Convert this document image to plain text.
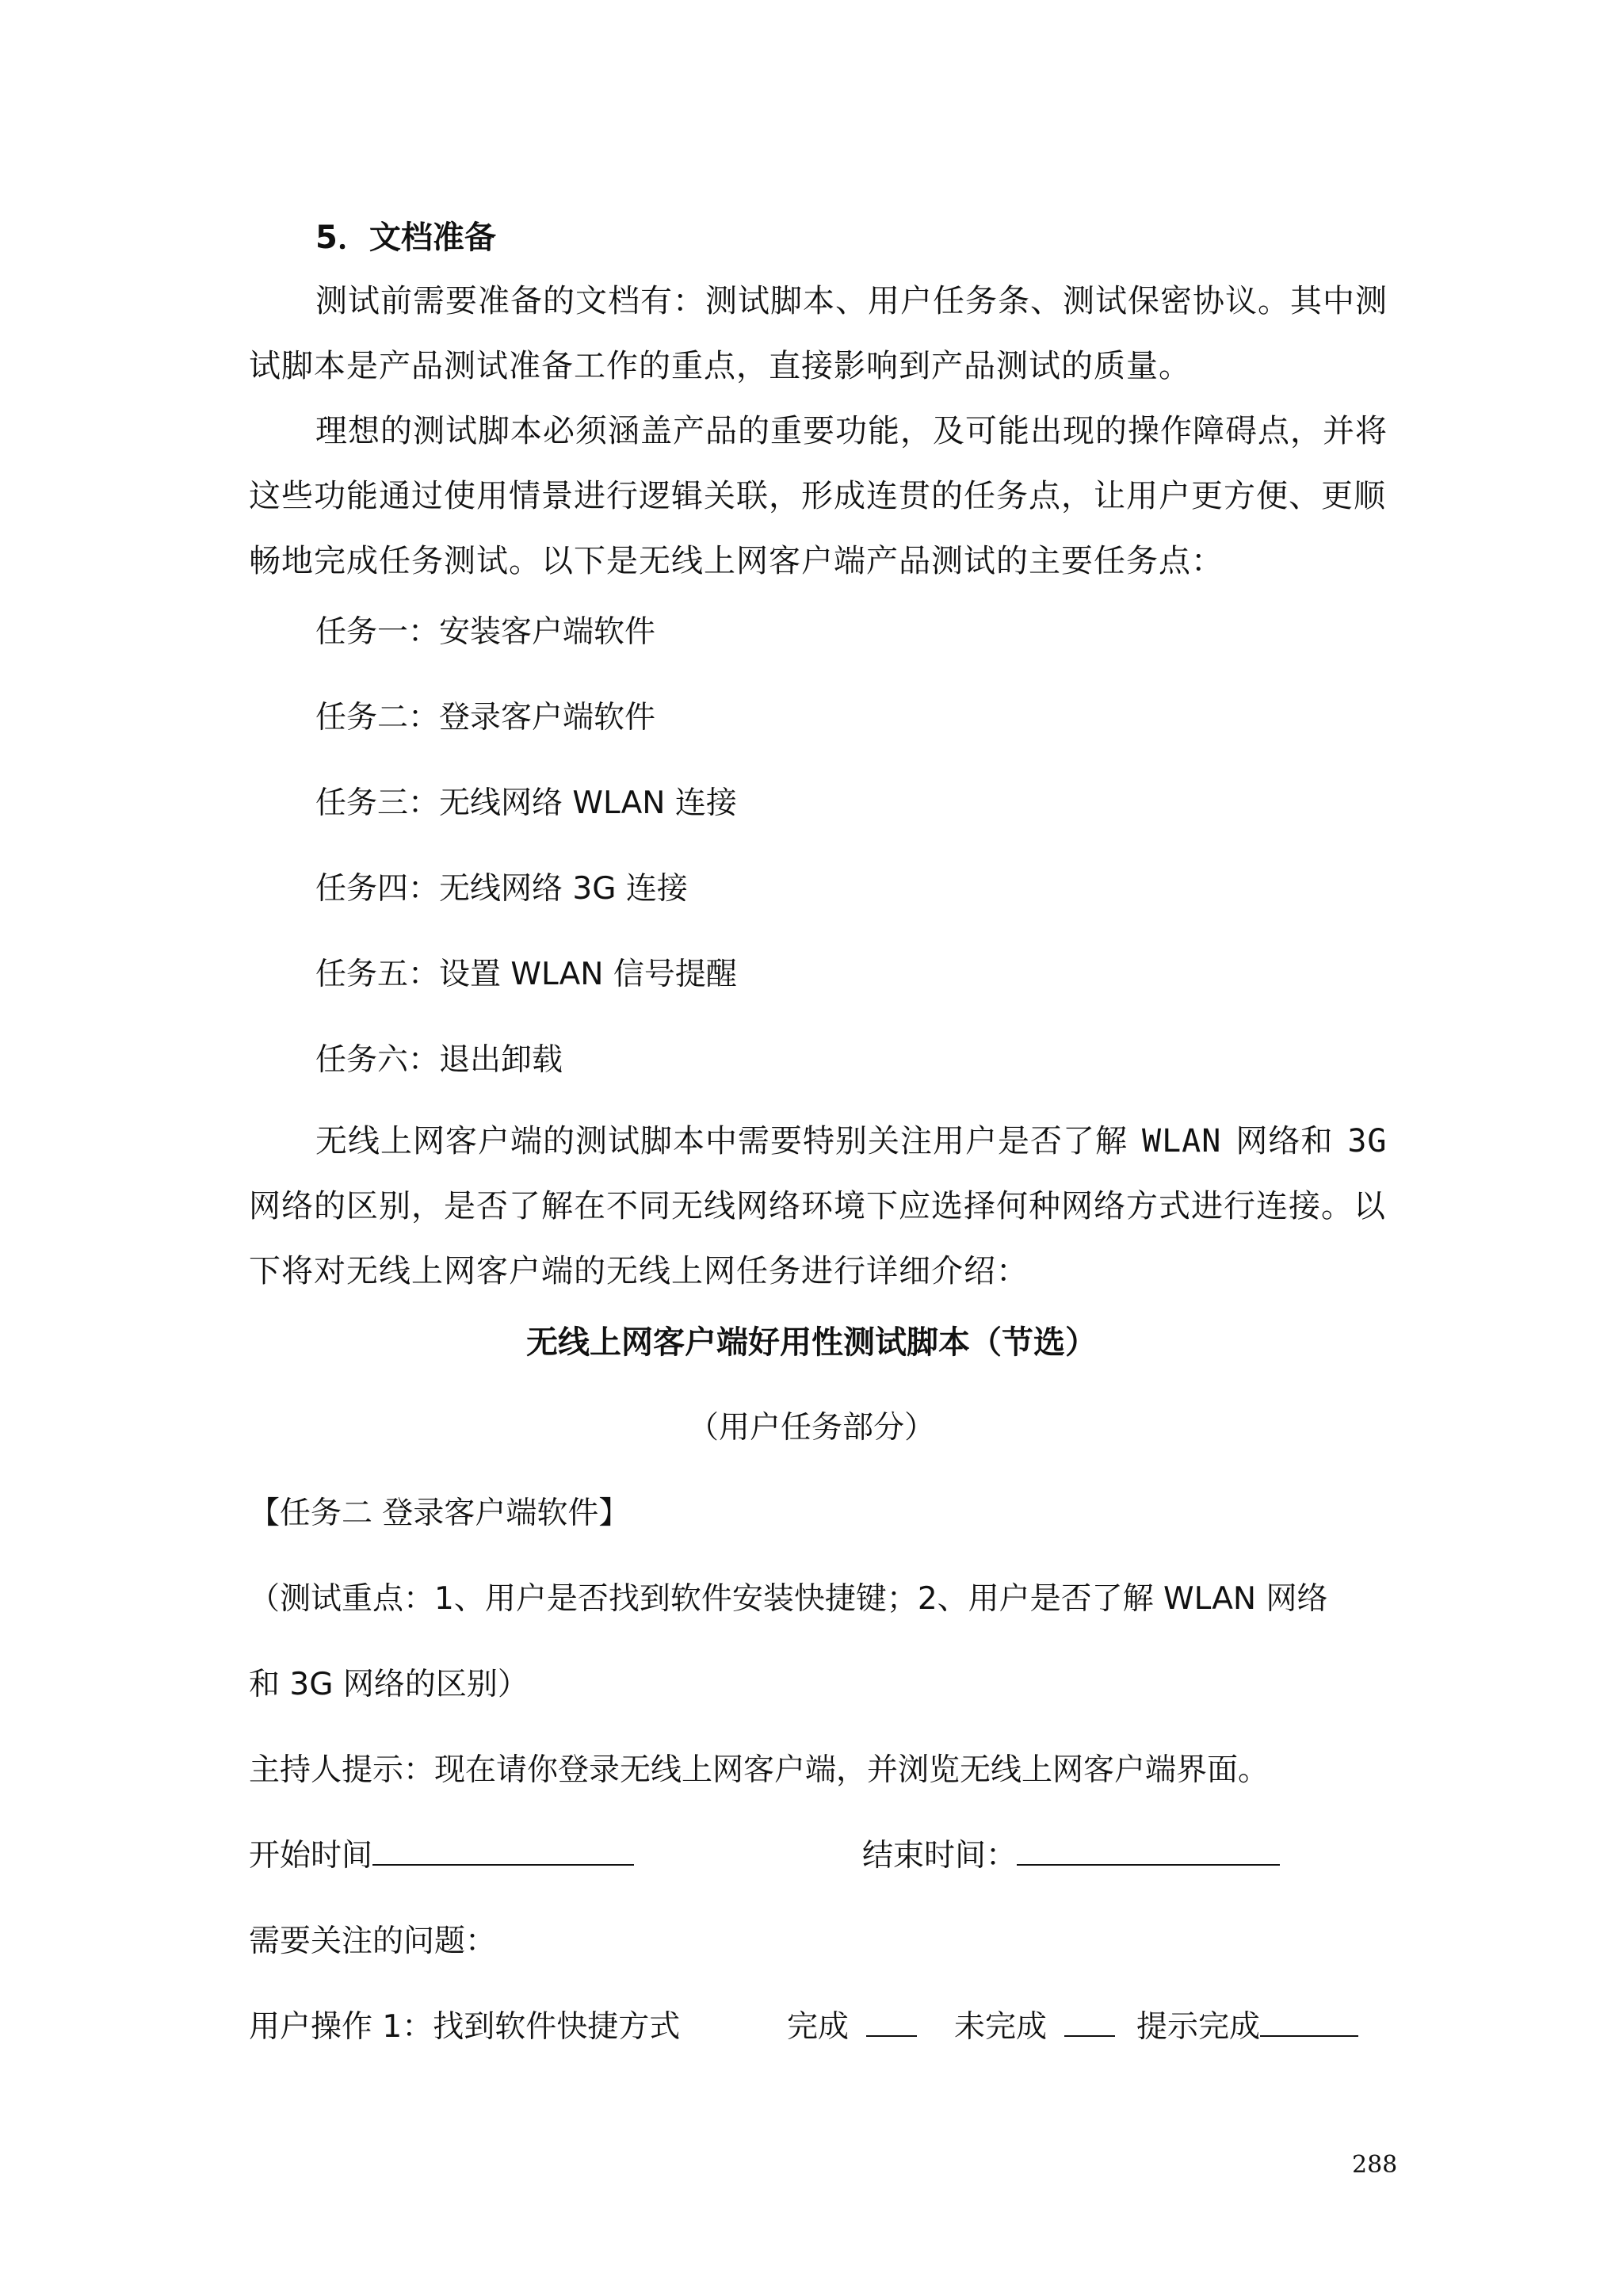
5．文档准备
测试前需要准备的文档有：测试脚本、用户任务条、测试保密协议。其中测
试脚本是产品测试准备工作的重点，直接影响到产品测试的质量。
理想的测试脚本必须涵盖产品的重要功能，及可能出现的操作障碍点，并将
这些功能通过使用情景进行逻辑关联，形成连贯的任务点，让用户更方便、更顺
畅地完成任务测试。以下是无线上网客户端产品测试的主要任务点：
任务一：安装客户端软件
任务二：登录客户端软件
任务三：无线网络 WLAN 连接
任务四：无线网络 3G 连接
任务五：设置 WLAN 信号提醒
任务六：退出卸载
无线上网客户端的测试脚本中需要特别关注用户是否了解 WLAN 网络和 3G
网络的区别，是否了解在不同无线网络环境下应选择何种网络方式进行连接。以
下将对无线上网客户端的无线上网任务进行详细介绍：
无线上网客户端好用性测试脚本（节选）
（用户任务部分）
【任务二 登录客户端软件】
（测试重点：1、用户是否找到软件安装快捷键；2、用户是否了解 WLAN 网络
和 3G 网络的区别）
主持人提示：现在请你登录无线上网客户端，并浏览无线上网客户端界面。
开始时间	结束时间：
需要关注的问题：
用户操作 1：找到软件快捷方式	完成	未完成	提示完成
288
